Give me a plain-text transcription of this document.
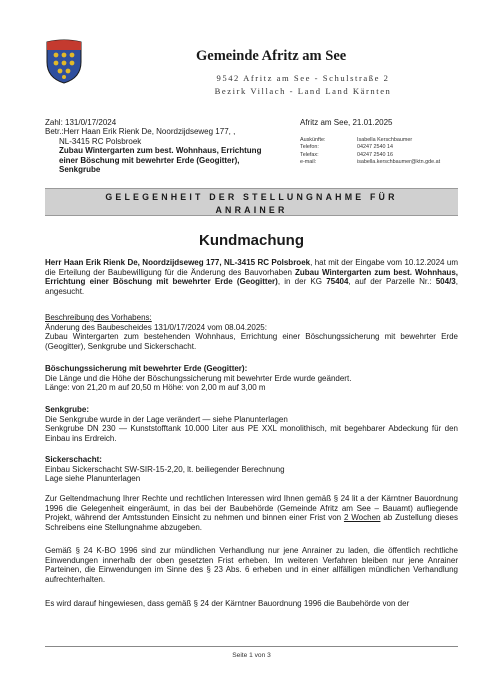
Gemeinde Afritz am See
9542 Afritz am See - Schulstraße 2
Bezirk Villach - Land Land Kärnten
Zahl: 131/0/17/2024
Betr.:Herr Haan Erik Rienk De, Noordzijdseweg 177, ,
NL-3415 RC Polsbroek
Zubau Wintergarten zum best. Wohnhaus, Errichtung
einer Böschung mit bewehrter Erde (Geogitter),
Senkgrube
Afritz am See, 21.01.2025
Auskünfte:	Isabella Kerschbaumer
Telefon:	04247 2540 14
Telefax:	04247 2540 16
e-mail:	isabella.kerschbaumer@ktn.gde.at
GELEGENHEIT DER STELLUNGNAHME FÜR
ANRAINER
Kundmachung
Herr Haan Erik Rienk De, Noordzijdseweg 177, NL-3415 RC Polsbroek, hat mit der Eingabe vom 10.12.2024 um die Erteilung der Baubewilligung für die Änderung des Bauvorhaben Zubau Wintergarten zum best. Wohnhaus, Errichtung einer Böschung mit bewehrter Erde (Geogitter), in der KG 75404, auf der Parzelle Nr.: 504/3, angesucht.
Beschreibung des Vorhabens:
Änderung des Baubescheides 131/0/17/2024 vom 08.04.2025:
Zubau Wintergarten zum bestehenden Wohnhaus, Errichtung einer Böschungssicherung mit bewehrter Erde (Geogitter), Senkgrube und Sickerschacht.
Böschungssicherung mit bewehrter Erde (Geogitter):
Die Länge und die Höhe der Böschungssicherung mit bewehrter Erde wurde geändert.
Länge: von 21,20 m auf 20,50 m Höhe: von 2,00 m auf 3,00 m
Senkgrube:
Die Senkgrube wurde in der Lage verändert — siehe Planunterlagen
Senkgrube DN 230 — Kunststofftank 10.000 Liter aus PE XXL monolithisch, mit begehbarer Abdeckung für den Einbau ins Erdreich.
Sickerschacht:
Einbau Sickerschacht SW-SIR-15-2,20, lt. beiliegender Berechnung
Lage siehe Planunterlagen
Zur Geltendmachung Ihrer Rechte und rechtlichen Interessen wird Ihnen gemäß § 24 lit a der Kärntner Bauordnung 1996 die Gelegenheit eingeräumt, in das bei der Baubehörde (Gemeinde Afritz am See – Bauamt) aufliegende Projekt, während der Amtsstunden Einsicht zu nehmen und binnen einer Frist von 2 Wochen ab Zustellung dieses Schreibens eine Stellungnahme abzugeben.
Gemäß § 24 K-BO 1996 sind zur mündlichen Verhandlung nur jene Anrainer zu laden, die öffentlich rechtliche Einwendungen innerhalb der oben gesetzten Frist erheben. Im weiteren Verfahren bleiben nur jene Anrainer Parteinen, die Einwendungen im Sinne des § 23 Abs. 6 erheben und in einer allfälligen mündlichen Verhandlung aufrechterhalten.
Es wird darauf hingewiesen, dass gemäß § 24 der Kärntner Bauordnung 1996 die Baubehörde von der
Seite 1 von 3
